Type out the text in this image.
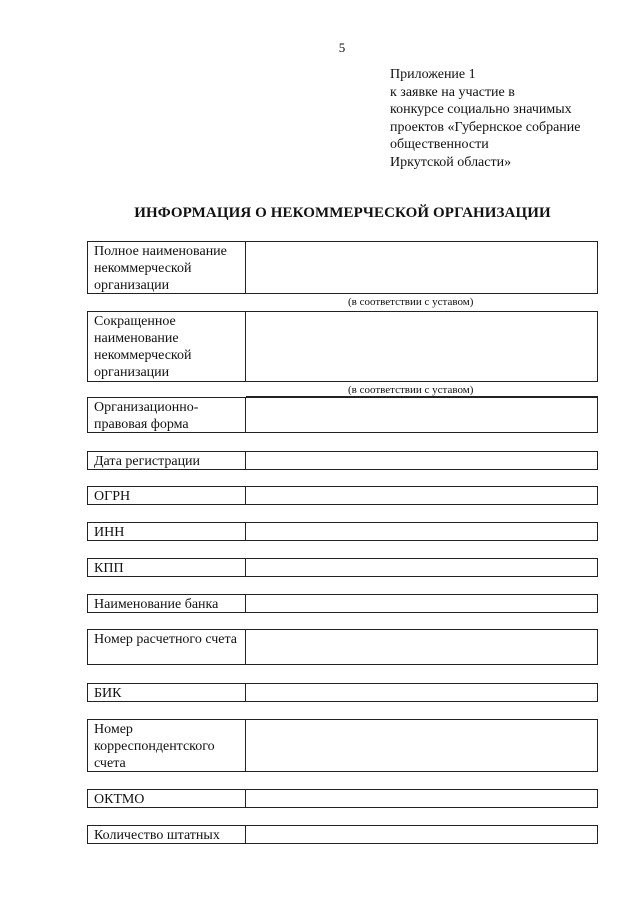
5
Приложение 1
к заявке на участие в
конкурсе социально значимых
проектов «Губернское собрание
общественности
Иркутской области»
ИНФОРМАЦИЯ О НЕКОММЕРЧЕСКОЙ ОРГАНИЗАЦИИ
Полное наименование некоммерческой организации
(в соответствии с уставом)
Сокращенное наименование некоммерческой организации
(в соответствии с уставом)
Организационно-правовая форма
Дата регистрации
ОГРН
ИНН
КПП
Наименование банка
Номер расчетного счета
БИК
Номер корреспондентского счета
ОКТМО
Количество штатных
